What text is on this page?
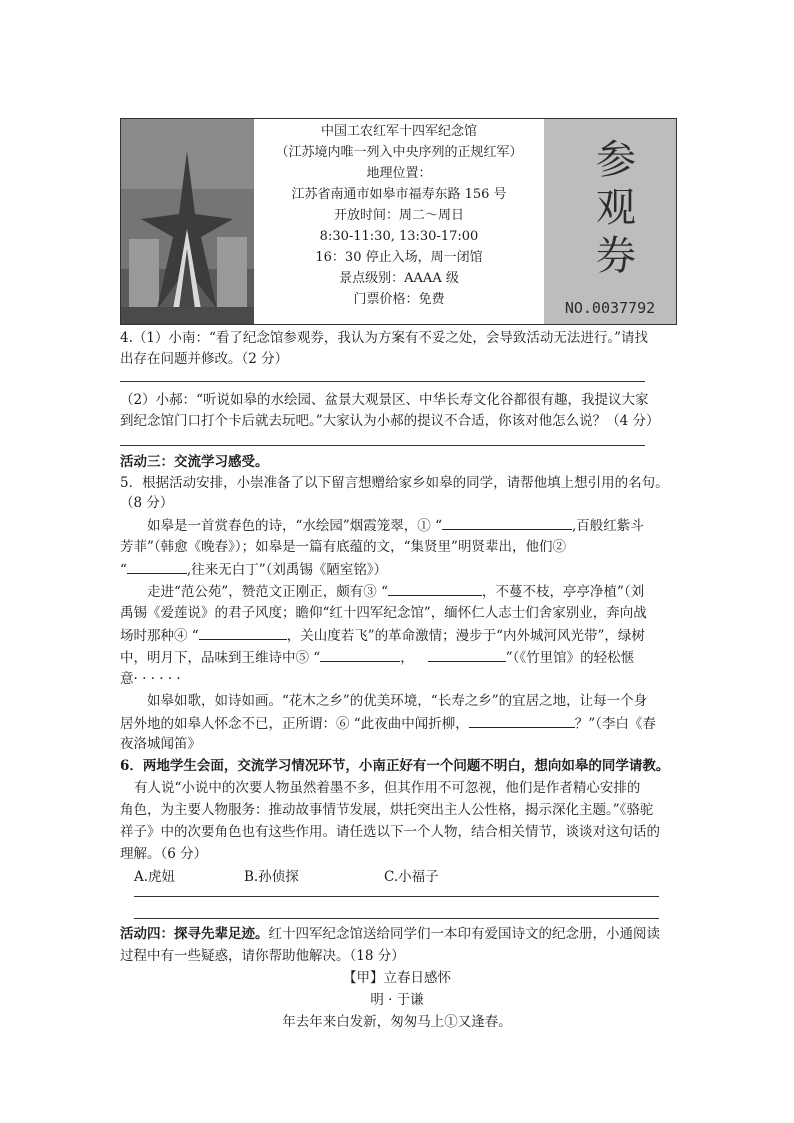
中国工农红军十四军纪念馆
（江苏境内唯一列入中央序列的正规红军）
地理位置：
江苏省南通市如皋市福寿东路 156 号
开放时间：周二～周日
8:30-11:30, 13:30-17:00
16：30 停止入场，周一闭馆
景点级别：AAAA 级
门票价格：免费
参
观
券
NO.0037792
4.（1）小南：“看了纪念馆参观券，我认为方案有不妥之处，会导致活动无法进行。”请找
出存在问题并修改。（2 分）
（2）小郝：“听说如皋的水绘园、盆景大观景区、中华长寿文化谷都很有趣，我提议大家
到纪念馆门口打个卡后就去玩吧。”大家认为小郝的提议不合适，你该对他怎么说？（4 分）
活动三：交流学习感受。
5．根据活动安排，小崇准备了以下留言想赠给家乡如皋的同学，请帮他填上想引用的名句。
（8 分）
如皋是一首赏春色的诗，“水绘园”烟霞笼翠，① “	,百般红紫斗
芳菲”（韩愈《晚春》）；如皋是一篇有底蕴的文，“集贤里”明贤辈出，他们②
“	,往来无白丁”（刘禹锡《陋室铭》）
走进“范公苑”，赞范文正刚正，颇有③ “	，不蔓不枝，亭亭净植”（刘
禹锡《爱莲说》的君子风度；瞻仰“红十四军纪念馆”，缅怀仁人志士们舍家别业，奔向战
场时那种④ “	，关山度若飞”的革命激情；漫步于“内外城河风光带”，绿树
中，明月下，品味到王维诗中⑤ “	，	”（《竹里馆》的轻松惬
意· · · · · ·
如皋如歌，如诗如画。“花木之乡”的优美环境，“长寿之乡”的宜居之地，让每一个身
居外地的如皋人怀念不已，正所谓：⑥ “此夜曲中闻折柳，	？”（李白《春
夜洛城闻笛》
6．两地学生会面，交流学习情况环节，小南正好有一个问题不明白，想向如皋的同学请教。
有人说“小说中的次要人物虽然着墨不多，但其作用不可忽视，他们是作者精心安排的
角色，为主要人物服务：推动故事情节发展，烘托突出主人公性格，揭示深化主题。”《骆驼
祥子》中的次要角色也有这些作用。请任选以下一个人物，结合相关情节，谈谈对这句话的
理解。（6 分）
A.虎妞	B.孙侦探	C.小福子
活动四：探寻先辈足迹。红十四军纪念馆送给同学们一本印有爱国诗文的纪念册，小通阅读
过程中有一些疑惑，请你帮助他解决。（18 分）
【甲】立春日感怀
明 · 于谦
年去年来白发新，匆匆马上①又逢春。
